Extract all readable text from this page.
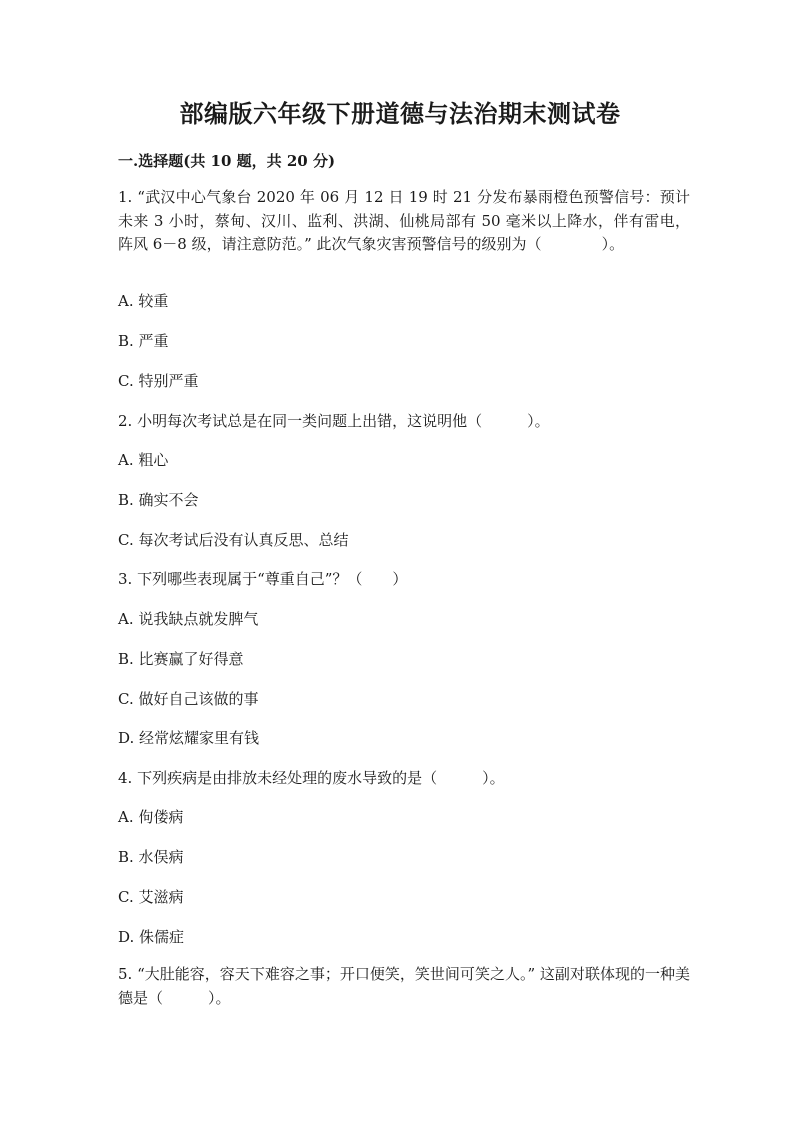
部编版六年级下册道德与法治期末测试卷
一.选择题(共 10 题，共 20 分)
1. “武汉中心气象台 2020 年 06 月 12 日 19 时 21 分发布暴雨橙色预警信号：预计未来 3 小时，蔡甸、汉川、监利、洪湖、仙桃局部有 50 毫米以上降水，伴有雷电，阵风 6－8 级，请注意防范。” 此次气象灾害预警信号的级别为（　　　　）。
A. 较重
B. 严重
C. 特别严重
2. 小明每次考试总是在同一类问题上出错，这说明他（　　　）。
A. 粗心
B. 确实不会
C. 每次考试后没有认真反思、总结
3. 下列哪些表现属于“尊重自己”？（　　）
A. 说我缺点就发脾气
B. 比赛赢了好得意
C. 做好自己该做的事
D. 经常炫耀家里有钱
4. 下列疾病是由排放未经处理的废水导致的是（　　　）。
A. 佝偻病
B. 水俣病
C. 艾滋病
D. 侏儒症
5. “大肚能容，容天下难容之事；开口便笑，笑世间可笑之人。” 这副对联体现的一种美德是（　　　）。
